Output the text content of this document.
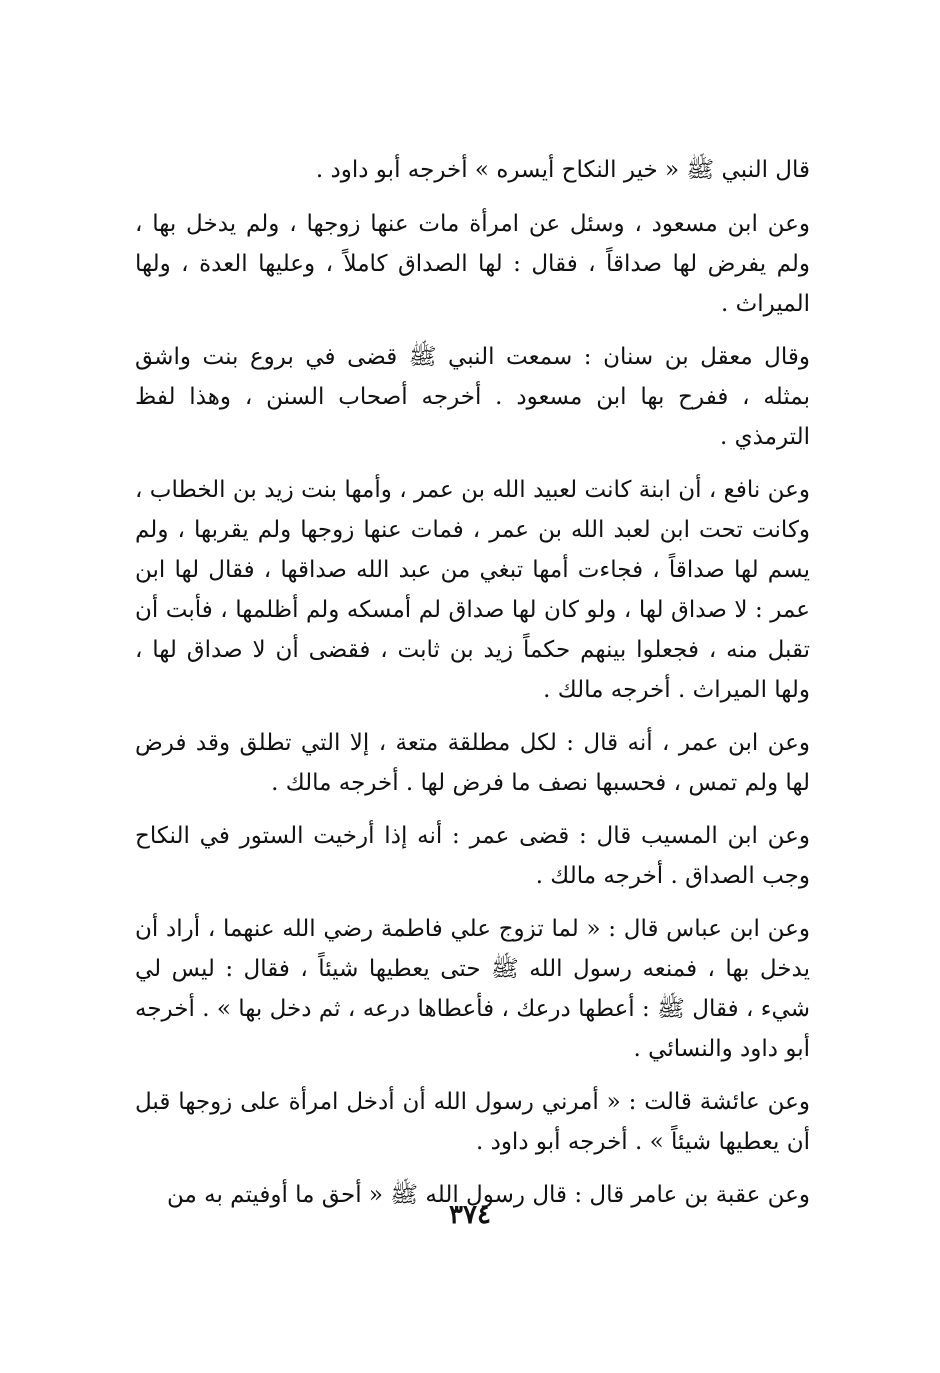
قال النبي ﷺ « خير النكاح أيسره » أخرجه أبو داود .

وعن ابن مسعود ، وسئل عن امرأة مات عنها زوجها ، ولم يدخل بها ، ولم يفرض لها صداقاً ، فقال : لها الصداق كاملاً ، وعليها العدة ، ولها الميراث .

وقال معقل بن سنان : سمعت النبي ﷺ قضى في بروع بنت واشق بمثله ، ففرح بها ابن مسعود . أخرجه أصحاب السنن ، وهذا لفظ الترمذي .

وعن نافع ، أن ابنة كانت لعبيد الله بن عمر ، وأمها بنت زيد بن الخطاب ، وكانت تحت ابن لعبد الله بن عمر ، فمات عنها زوجها ولم يقربها ، ولم يسم لها صداقاً ، فجاءت أمها تبغي من عبد الله صداقها ، فقال لها ابن عمر : لا صداق لها ، ولو كان لها صداق لم أمسكه ولم أظلمها ، فأبت أن تقبل منه ، فجعلوا بينهم حكماً زيد بن ثابت ، فقضى أن لا صداق لها ، ولها الميراث . أخرجه مالك .

وعن ابن عمر ، أنه قال : لكل مطلقة متعة ، إلا التي تطلق وقد فرض لها ولم تمس ، فحسبها نصف ما فرض لها . أخرجه مالك .

وعن ابن المسيب قال : قضى عمر : أنه إذا أرخيت الستور في النكاح وجب الصداق . أخرجه مالك .

وعن ابن عباس قال : « لما تزوج علي فاطمة رضي الله عنهما ، أراد أن يدخل بها ، فمنعه رسول الله ﷺ حتى يعطيها شيئاً ، فقال : ليس لي شيء ، فقال ﷺ : أعطها درعك ، فأعطاها درعه ، ثم دخل بها » . أخرجه أبو داود والنسائي .

وعن عائشة قالت : « أمرني رسول الله أن أدخل امرأة على زوجها قبل أن يعطيها شيئاً » . أخرجه أبو داود .

وعن عقبة بن عامر قال : قال رسول الله ﷺ « أحق ما أوفيتم به من

٣٧٤
